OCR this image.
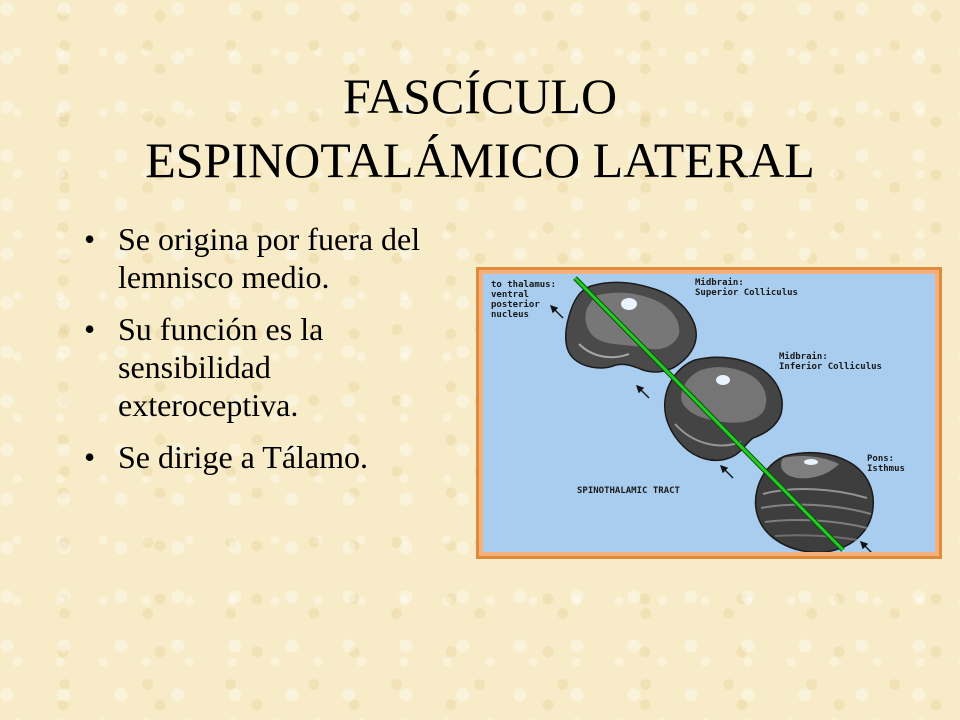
FASCÍCULO
ESPINOTALÁMICO LATERAL
• Se origina por fuera del lemnisco medio.
• Su función es la sensibilidad exteroceptiva.
• Se dirige a Tálamo.
to thalamus:
ventral
posterior
nucleus
Midbrain:
Superior Colliculus
Midbrain:
Inferior Colliculus
Pons:
Isthmus
SPINOTHALAMIC TRACT
